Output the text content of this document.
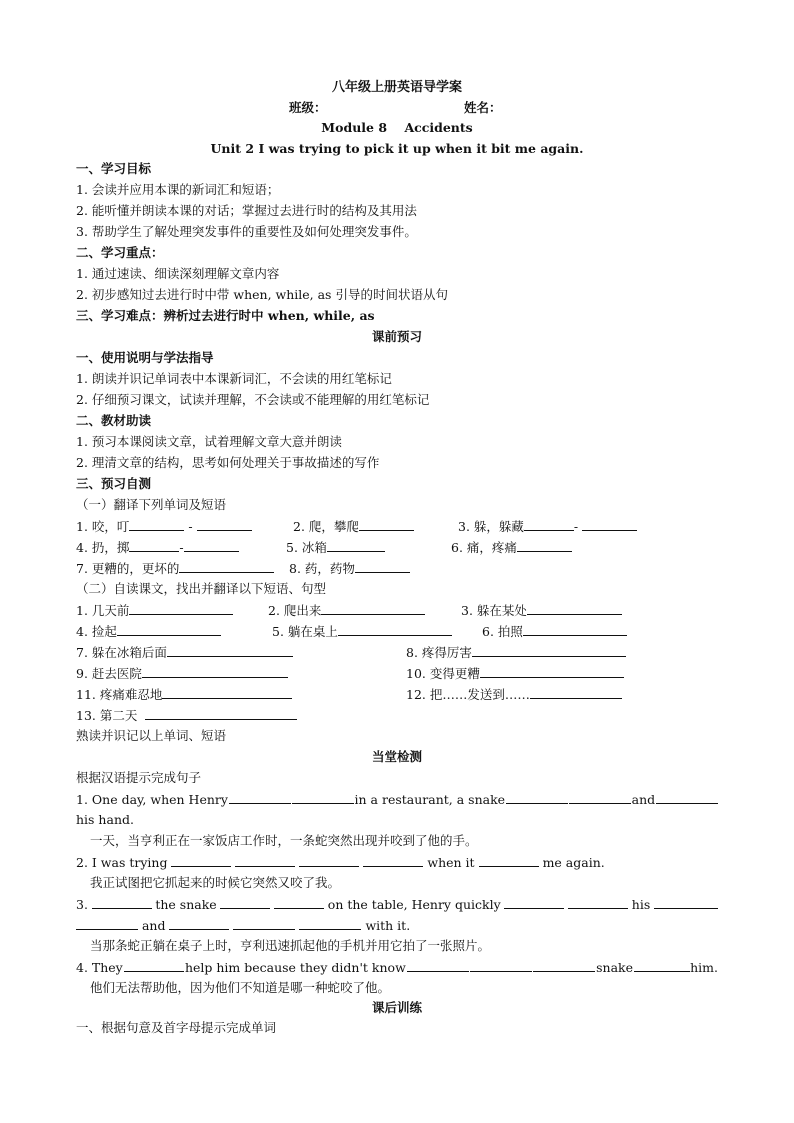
八年级上册英语导学案
班级：	姓名：
Module 8    Accidents
Unit 2 I was trying to pick it up when it bit me again.
一、学习目标
1. 会读并应用本课的新词汇和短语；
2. 能听懂并朗读本课的对话；掌握过去进行时的结构及其用法
3. 帮助学生了解处理突发事件的重要性及如何处理突发事件。
二、学习重点：
1. 通过速读、细读深刻理解文章内容
2. 初步感知过去进行时中带 when, while, as 引导的时间状语从句
三、学习难点：辨析过去进行时中 when, while, as
课前预习
一、使用说明与学法指导
1. 朗读并识记单词表中本课新词汇，不会读的用红笔标记
2. 仔细预习课文，试读并理解，不会读或不能理解的用红笔标记
二、教材助读
1. 预习本课阅读文章，试着理解文章大意并朗读
2. 理清文章的结构，思考如何处理关于事故描述的写作
三、预习自测
（一）翻译下列单词及短语
1. 咬，叮	-	2. 爬，攀爬	3. 躲，躲藏	-
4. 扔，掷	-	5. 冰箱	6. 痛，疼痛
7. 更糟的，更坏的	8. 药，药物
（二）自读课文，找出并翻译以下短语、句型
1. 几天前	2. 爬出来	3. 躲在某处
4. 捡起	5. 躺在桌上	6. 拍照
7. 躲在冰箱后面	8. 疼得厉害
9. 赶去医院	10. 变得更糟
11. 疼痛难忍地	12. 把……发送到……
13. 第二天
熟读并识记以上单词、短语
当堂检测
根据汉语提示完成句子
1. One day, when Henry	in a restaurant, a snake	and
his hand.
一天，当亨利正在一家饭店工作时，一条蛇突然出现并咬到了他的手。
2. I was trying	when it	me again.
我正试图把它抓起来的时候它突然又咬了我。
3.	the snake	on the table, Henry quickly	his
and	with it.
当那条蛇正躺在桌子上时，亨利迅速抓起他的手机并用它拍了一张照片。
4. They	help him because they didn't know	snake	him.
他们无法帮助他，因为他们不知道是哪一种蛇咬了他。
课后训练
一、根据句意及首字母提示完成单词
